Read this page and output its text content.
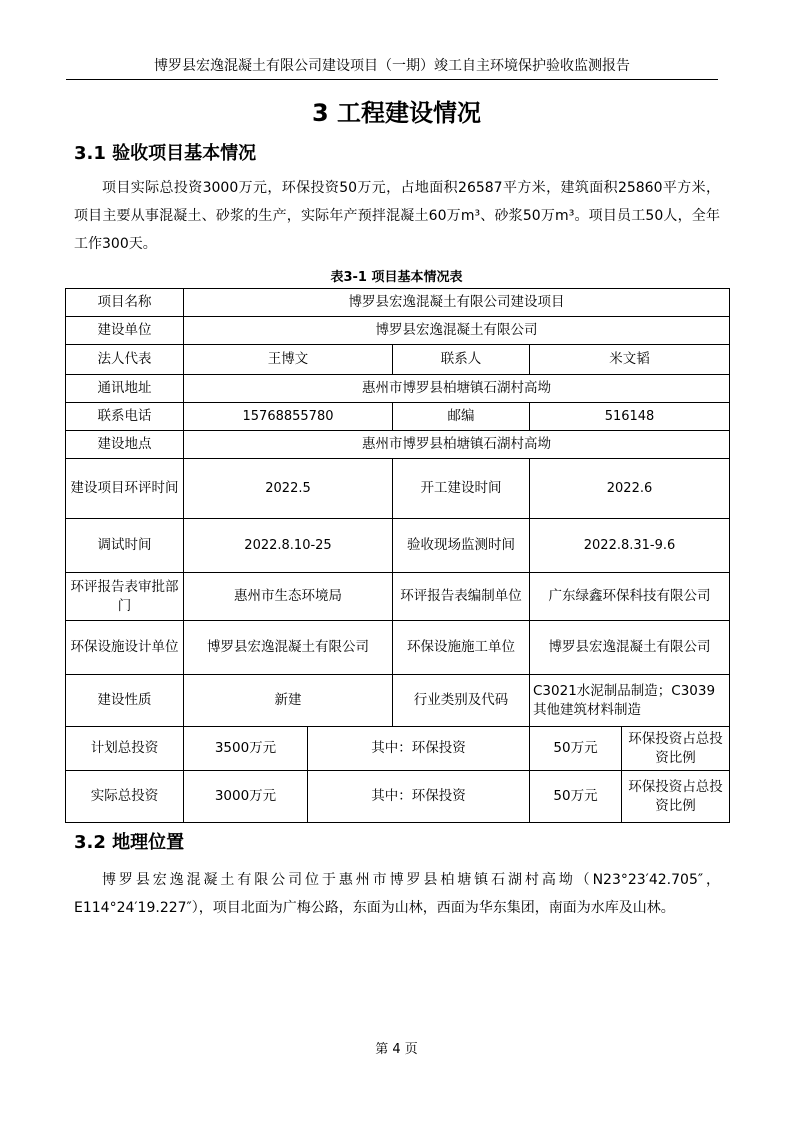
博罗县宏逸混凝土有限公司建设项目（一期）竣工自主环境保护验收监测报告
3 工程建设情况
3.1 验收项目基本情况

项目实际总投资3000万元，环保投资50万元，占地面积26587平方米，建筑面积25860平方米，项目主要从事混凝土、砂浆的生产，实际年产预拌混凝土60万m³、砂浆50万m³。项目员工50人，全年工作300天。

表3-1 项目基本情况表
项目名称	博罗县宏逸混凝土有限公司建设项目				
建设单位	博罗县宏逸混凝土有限公司				
法人代表	王博文		联系人	米文韬	
通讯地址	惠州市博罗县柏塘镇石湖村高坳				
联系电话	15768855780		邮编	516148	
建设地点	惠州市博罗县柏塘镇石湖村高坳				
建设项目环评时间	2022.5		开工建设时间	2022.6	
调试时间	2022.8.10-25		验收现场监测时间	2022.8.31-9.6	
环评报告表审批部门	惠州市生态环境局		环评报告表编制单位	广东绿鑫环保科技有限公司	
环保设施设计单位	博罗县宏逸混凝土有限公司		环保设施施工单位	博罗县宏逸混凝土有限公司	
建设性质	新建		行业类别及代码	C3021水泥制品制造；C3039其他建筑材料制造	
计划总投资	3500万元	其中：环保投资		50万元	环保投资占总投资比例
实际总投资	3000万元	其中：环保投资		50万元	环保投资占总投资比例
3.2 地理位置

博罗县宏逸混凝土有限公司位于惠州市博罗县柏塘镇石湖村高坳（N23°23′42.705″，E114°24′19.227″），项目北面为广梅公路，东面为山林，西面为华东集团，南面为水库及山林。

第 4 页
